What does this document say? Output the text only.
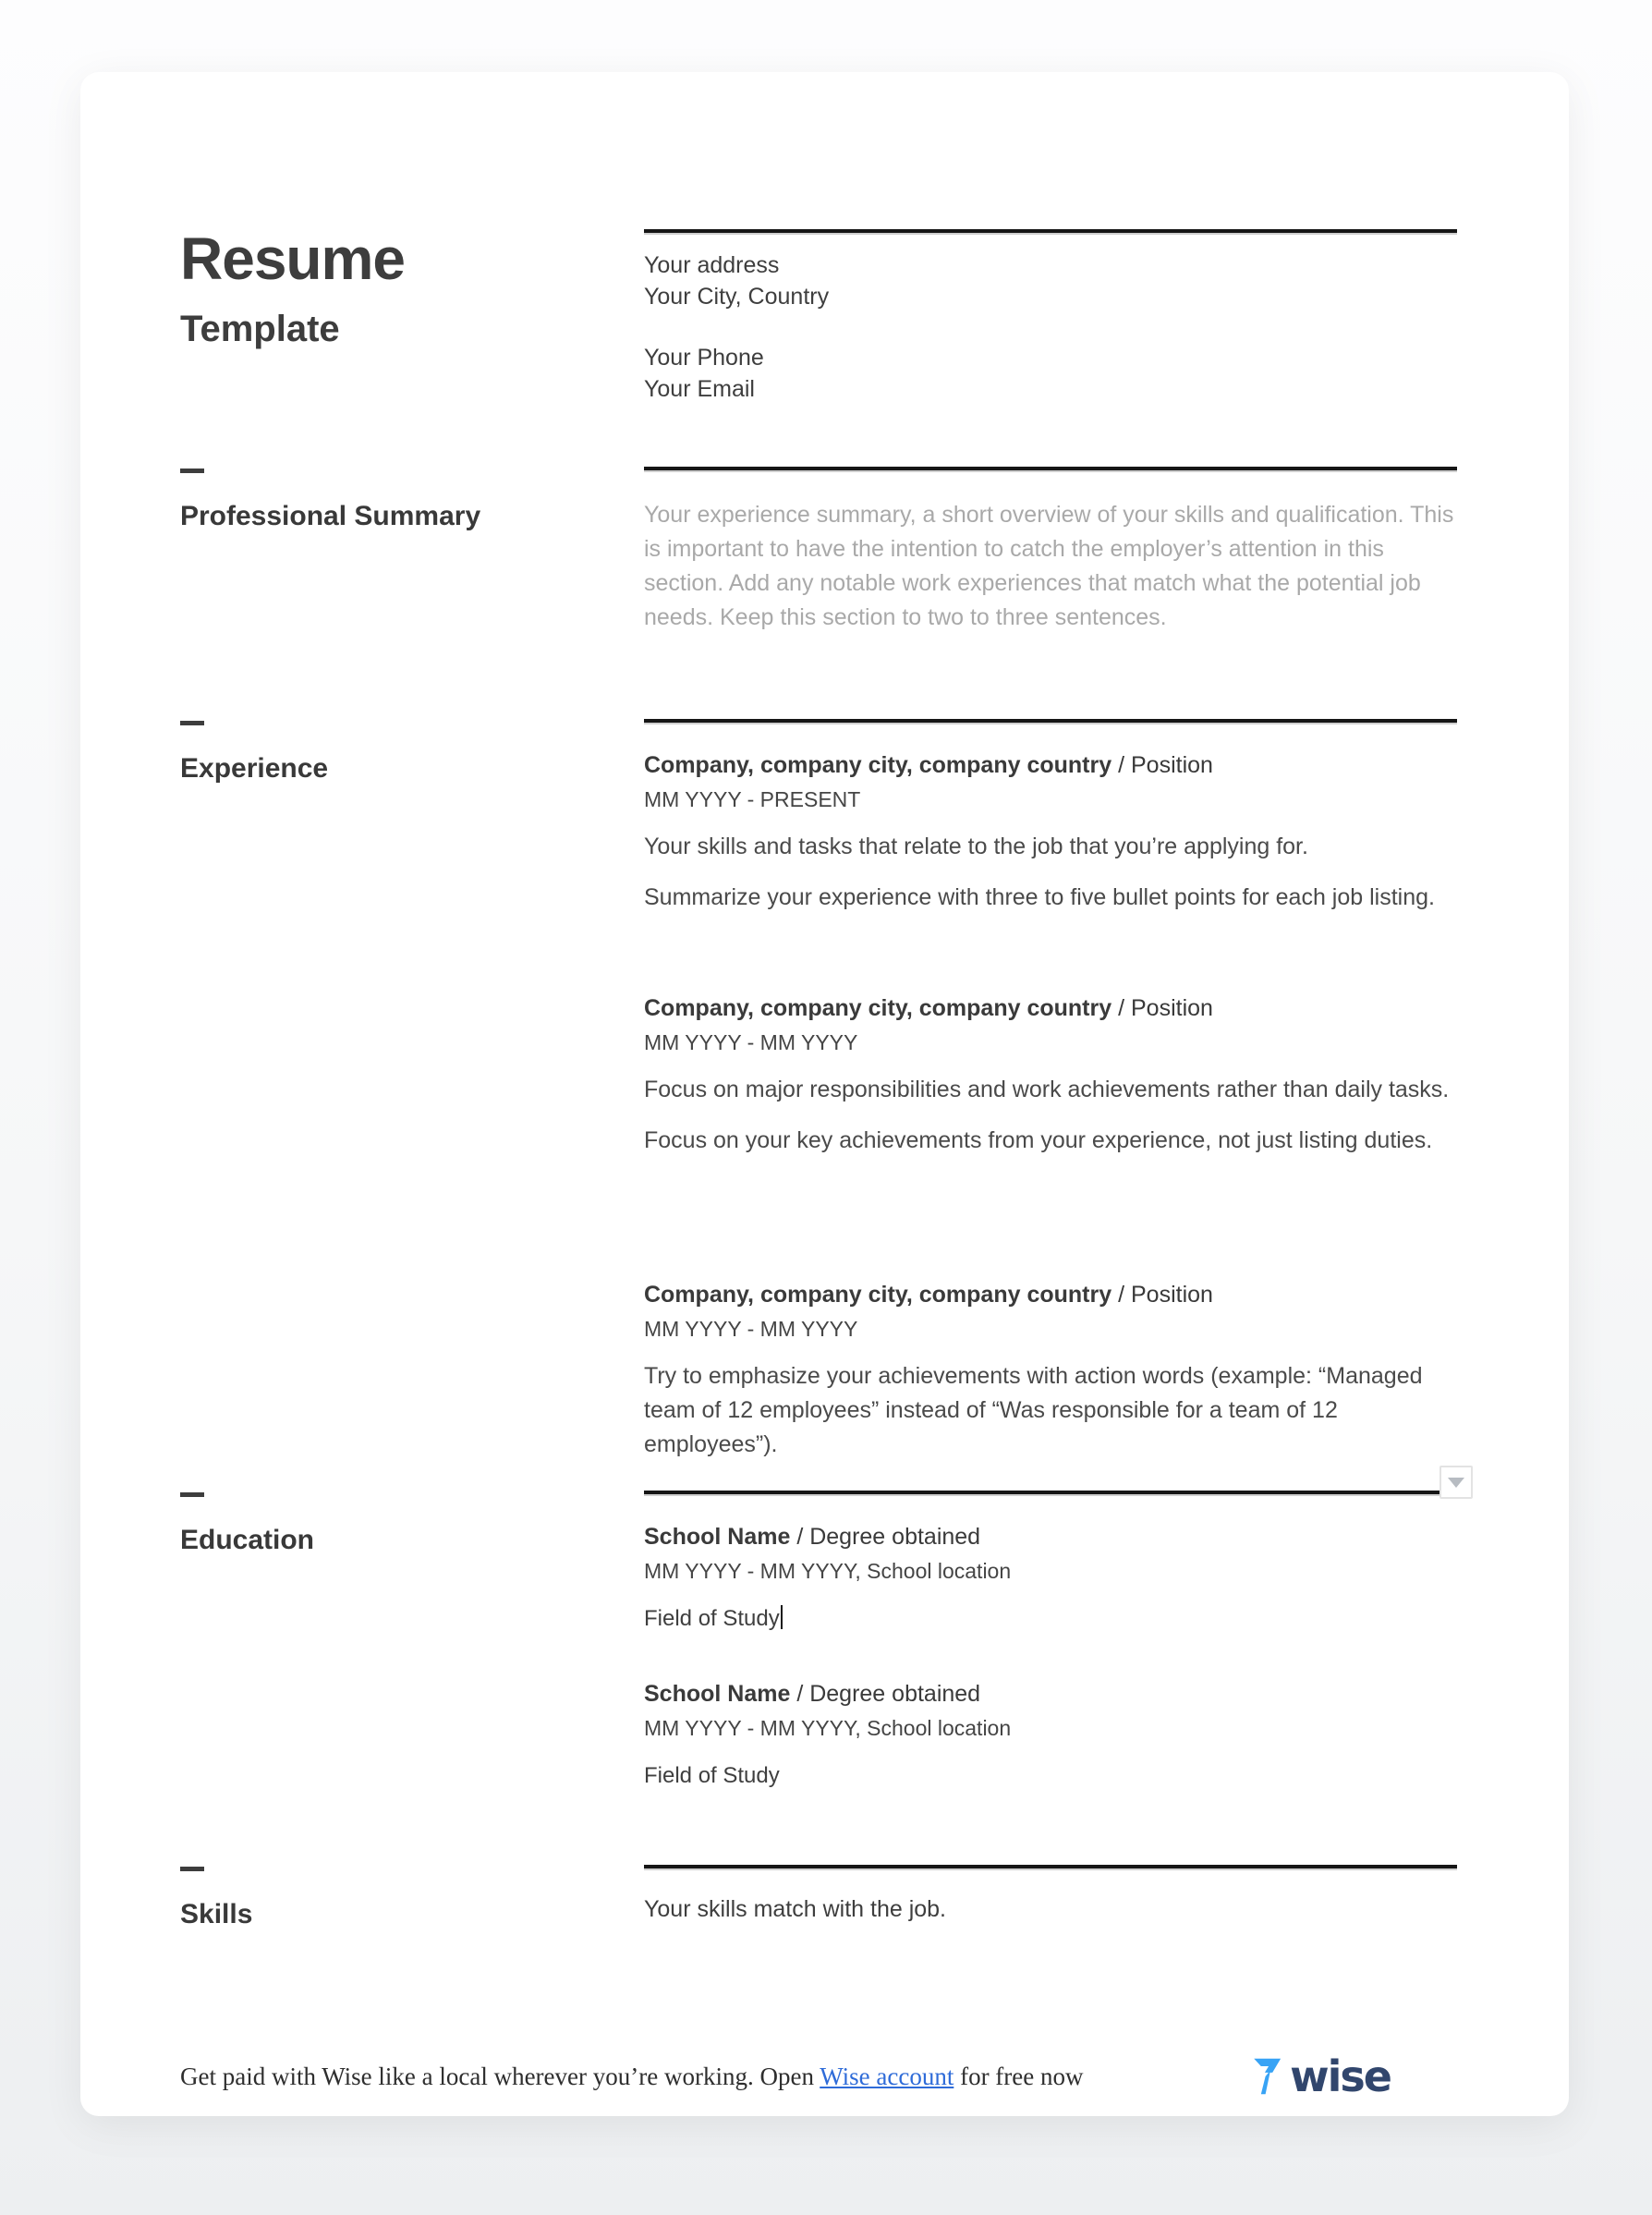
Resume
Template
Your address
Your City, Country
Your Phone
Your Email
Professional Summary	Your experience summary, a short overview of your skills and qualification. This is important to have the intention to catch the employer’s attention in this section. Add any notable work experiences that match what the potential job needs. Keep this section to two to three sentences.

Experience	Company, company city, company country / Position
MM YYYY - PRESENT

Your skills and tasks that relate to the job that you’re applying for.

Summarize your experience with three to five bullet points for each job listing.

Company, company city, company country / Position
MM YYYY - MM YYYY

Focus on major responsibilities and work achievements rather than daily tasks.

Focus on your key achievements from your experience, not just listing duties.

Company, company city, company country / Position
MM YYYY - MM YYYY

Try to emphasize your achievements with action words (example: “Managed team of 12 employees” instead of “Was responsible for a team of 12 employees”).

Education	School Name / Degree obtained
MM YYYY - MM YYYY, School location
Field of Study
School Name / Degree obtained
MM YYYY - MM YYYY, School location
Field of Study
Skills	Your skills match with the job.
Get paid with Wise like a local wherever you’re working. Open Wise account for free now	wise
